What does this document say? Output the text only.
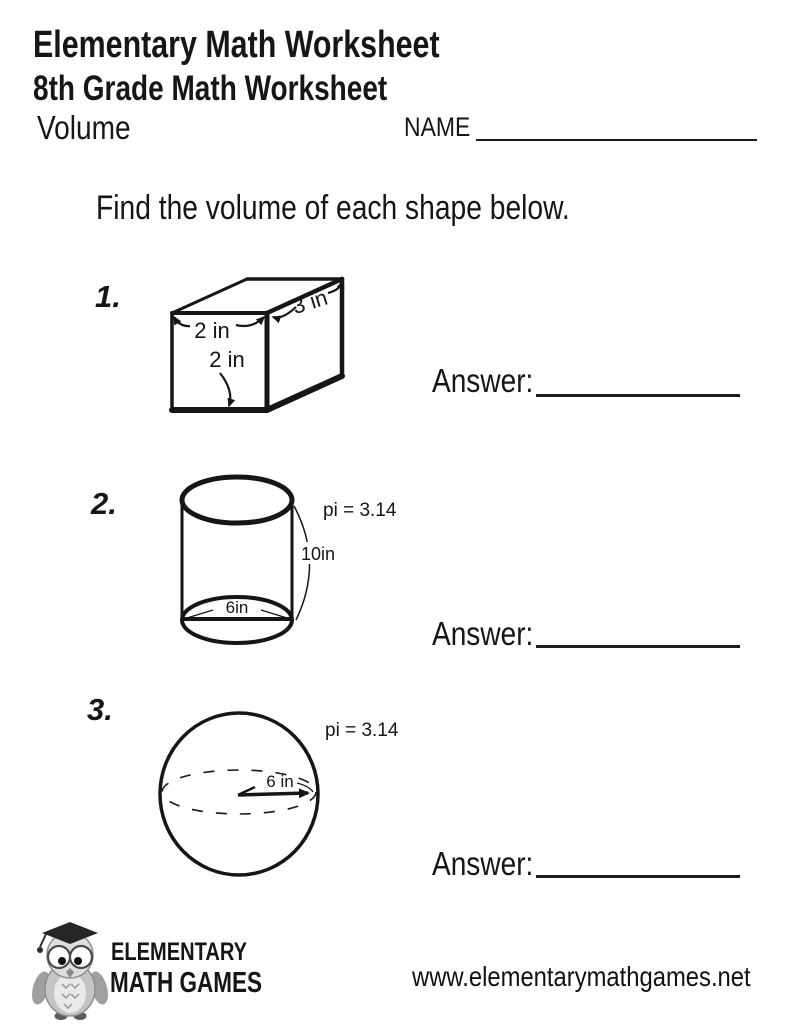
Elementary Math Worksheet
8th Grade Math Worksheet
Volume	NAME
Find the volume of each shape below.
1.
2 in
2 in
3 in
Answer:
2.
10in
6in
pi = 3.14
Answer:
3.
6 in
pi = 3.14
Answer:
ELEMENTARY
MATH GAMES	www.elementarymathgames.net
